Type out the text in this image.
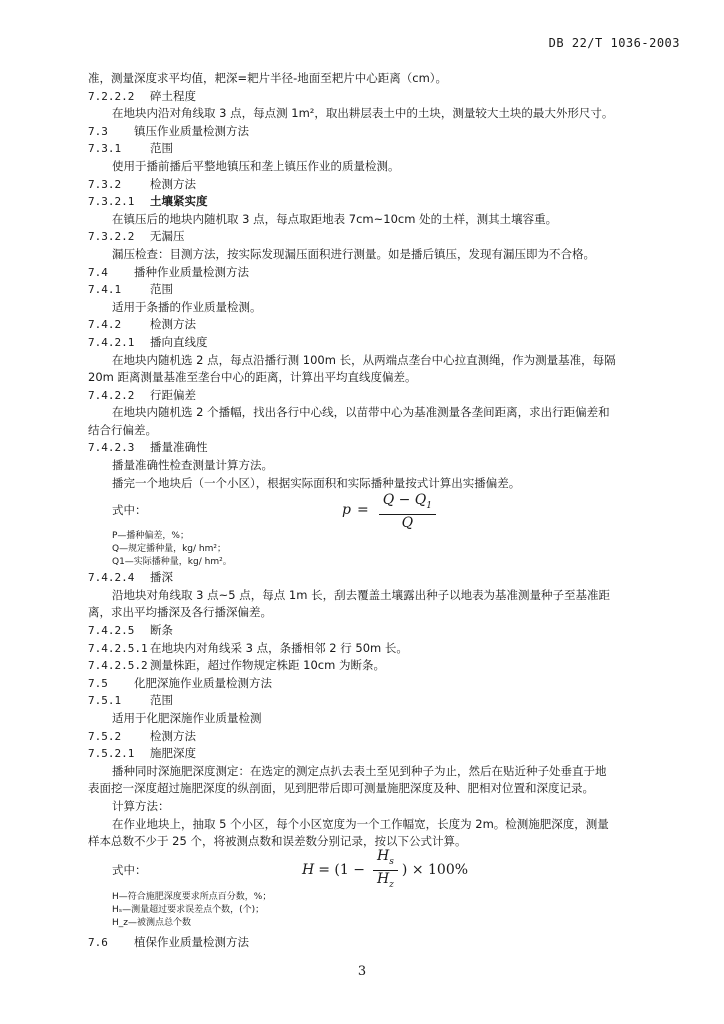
DB 22/T 1036-2003
准，测量深度求平均值，耙深=耙片半径-地面至耙片中心距离（cm）。
7.2.2.2 碎土程度
在地块内沿对角线取 3 点，每点测 1m²，取出耕层表土中的土块，测量较大土块的最大外形尺寸。
7.3 镇压作业质量检测方法
7.3.1	范围
使用于播前播后平整地镇压和垄上镇压作业的质量检测。
7.3.2	检测方法
7.3.2.1 土壤紧实度
在镇压后的地块内随机取 3 点，每点取距地表 7cm~10cm 处的土样，测其土壤容重。
7.3.2.2 无漏压
漏压检查：目测方法，按实际发现漏压面积进行测量。如是播后镇压，发现有漏压即为不合格。
7.4 播种作业质量检测方法
7.4.1	范围
适用于条播的作业质量检测。
7.4.2	检测方法
7.4.2.1 播向直线度
在地块内随机选 2 点，每点沿播行测 100m 长，从两端点垄台中心拉直测绳，作为测量基准，每隔
20m 距离测量基准至垄台中心的距离，计算出平均直线度偏差。
7.4.2.2 行距偏差
在地块内随机选 2 个播幅，找出各行中心线，以苗带中心为基准测量各垄间距离，求出行距偏差和
结合行偏差。
7.4.2.3 播量准确性
播量准确性检查测量计算方法。
播完一个地块后（一个小区），根据实际面积和实际播种量按式计算出实播偏差。
式中：	$p = \frac{Q - Q_1}{Q}$
P—播种偏差，%；
Q—规定播种量，kg/ hm²；
Q1—实际播种量，kg/ hm²。
7.4.2.4 播深
沿地块对角线取 3 点~5 点，每点 1m 长，刮去覆盖土壤露出种子以地表为基准测量种子至基准距
离，求出平均播深及各行播深偏差。
7.4.2.5 断条
7.4.2.5.1 在地块内对角线采 3 点，条播相邻 2 行 50m 长。
7.4.2.5.2 测量株距，超过作物规定株距 10cm 为断条。
7.5 化肥深施作业质量检测方法
7.5.1	范围
适用于化肥深施作业质量检测
7.5.2	检测方法
7.5.2.1 施肥深度
播种同时深施肥深度测定：在选定的测定点扒去表土至见到种子为止，然后在贴近种子处垂直于地
表面挖一深度超过施肥深度的纵剖面，见到肥带后即可测量施肥深度及种、肥相对位置和深度记录。
计算方法：
在作业地块上，抽取 5 个小区，每个小区宽度为一个工作幅宽，长度为 2m。检测施肥深度，测量
样本总数不少于 25 个，将被测点数和误差数分别记录，按以下公式计算。
式中：	$H = (1 - \frac{H_s}{H_z}$ ) × 100%
H—符合施肥深度要求所点百分数，%；
Hₛ—测量超过要求误差点个数，(个)；
H_z—被测点总个数
7.6 植保作业质量检测方法
3
